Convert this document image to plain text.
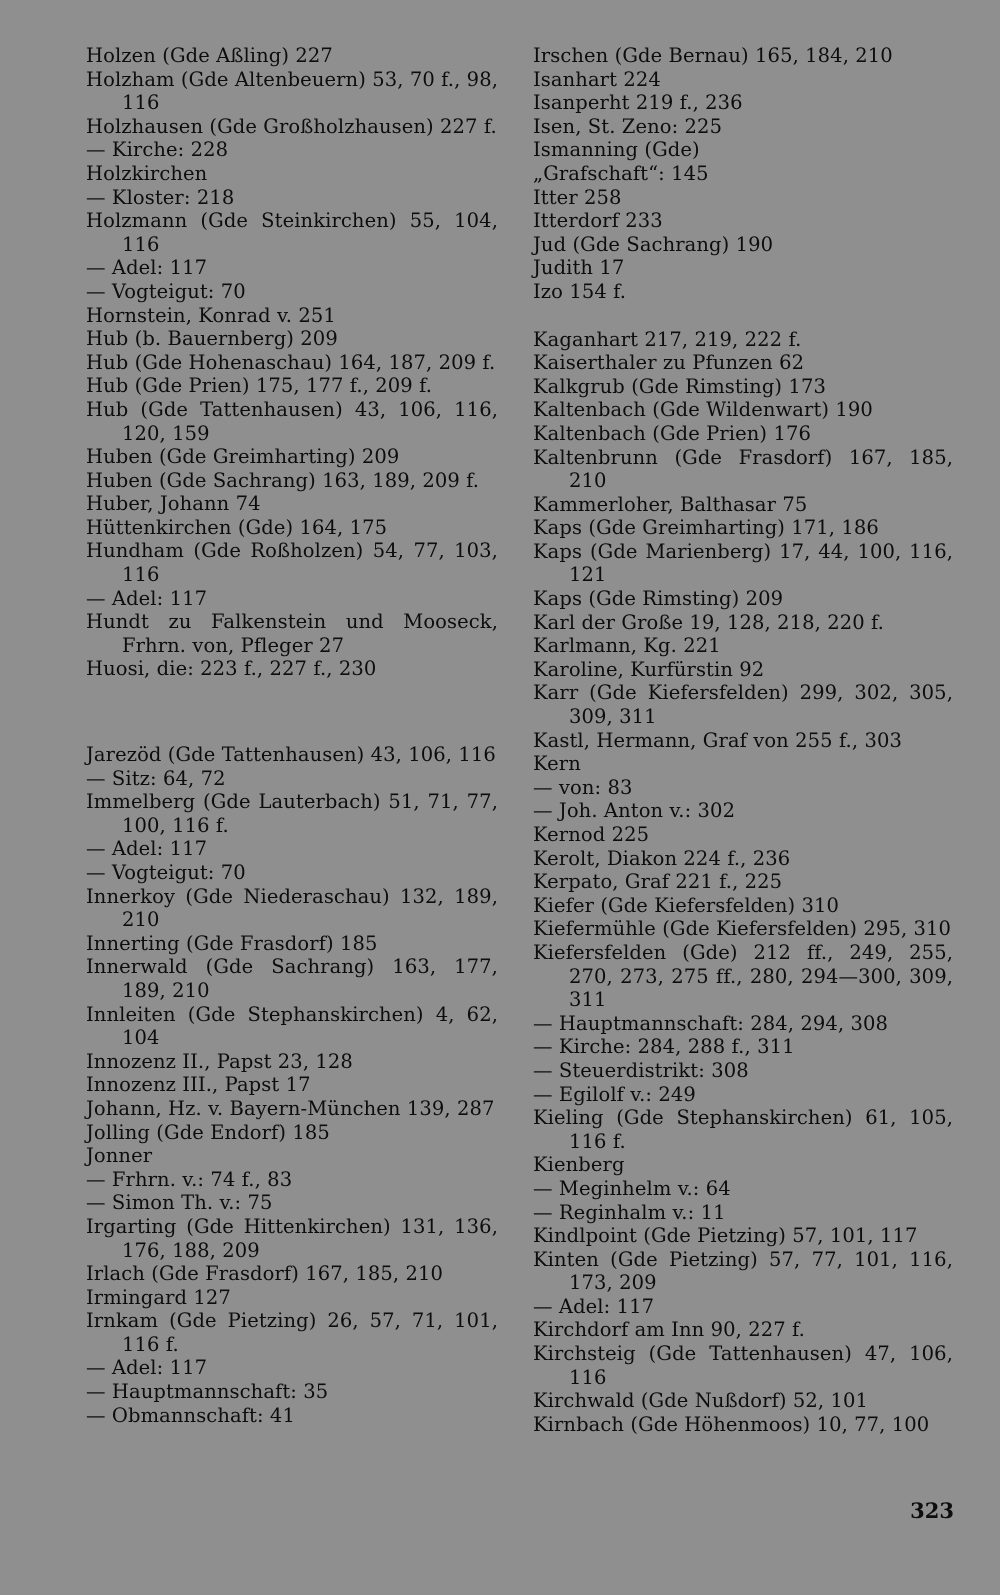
Holzen (Gde Aßling) 227
Holzham (Gde Altenbeuern) 53, 70 f., 98, 116
Holzhausen (Gde Großholzhausen) 227 f.
— Kirche: 228
Holzkirchen
— Kloster: 218
Holzmann (Gde Steinkirchen) 55, 104, 116
— Adel: 117
— Vogteigut: 70
Hornstein, Konrad v. 251
Hub (b. Bauernberg) 209
Hub (Gde Hohenaschau) 164, 187, 209 f.
Hub (Gde Prien) 175, 177 f., 209 f.
Hub (Gde Tattenhausen) 43, 106, 116, 120, 159
Huben (Gde Greimharting) 209
Huben (Gde Sachrang) 163, 189, 209 f.
Huber, Johann 74
Hüttenkirchen (Gde) 164, 175
Hundham (Gde Roßholzen) 54, 77, 103, 116
— Adel: 117
Hundt zu Falkenstein und Mooseck, Frhrn. von, Pfleger 27
Huosi, die: 223 f., 227 f., 230
Jarezöd (Gde Tattenhausen) 43, 106, 116
— Sitz: 64, 72
Immelberg (Gde Lauterbach) 51, 71, 77, 100, 116 f.
— Adel: 117
— Vogteigut: 70
Innerkoy (Gde Niederaschau) 132, 189, 210
Innerting (Gde Frasdorf) 185
Innerwald (Gde Sachrang) 163, 177, 189, 210
Innleiten (Gde Stephanskirchen) 4, 62, 104
Innozenz II., Papst 23, 128
Innozenz III., Papst 17
Johann, Hz. v. Bayern-München 139, 287
Jolling (Gde Endorf) 185
Jonner
— Frhrn. v.: 74 f., 83
— Simon Th. v.: 75
Irgarting (Gde Hittenkirchen) 131, 136, 176, 188, 209
Irlach (Gde Frasdorf) 167, 185, 210
Irmingard 127
Irnkam (Gde Pietzing) 26, 57, 71, 101, 116 f.
— Adel: 117
— Hauptmannschaft: 35
— Obmannschaft: 41
Irschen (Gde Bernau) 165, 184, 210
Isanhart 224
Isanperht 219 f., 236
Isen, St. Zeno: 225
Ismanning (Gde)
„Grafschaft“: 145
Itter 258
Itterdorf 233
Jud (Gde Sachrang) 190
Judith 17
Izo 154 f.
Kaganhart 217, 219, 222 f.
Kaiserthaler zu Pfunzen 62
Kalkgrub (Gde Rimsting) 173
Kaltenbach (Gde Wildenwart) 190
Kaltenbach (Gde Prien) 176
Kaltenbrunn (Gde Frasdorf) 167, 185, 210
Kammerloher, Balthasar 75
Kaps (Gde Greimharting) 171, 186
Kaps (Gde Marienberg) 17, 44, 100, 116, 121
Kaps (Gde Rimsting) 209
Karl der Große 19, 128, 218, 220 f.
Karlmann, Kg. 221
Karoline, Kurfürstin 92
Karr (Gde Kiefersfelden) 299, 302, 305, 309, 311
Kastl, Hermann, Graf von 255 f., 303
Kern
— von: 83
— Joh. Anton v.: 302
Kernod 225
Kerolt, Diakon 224 f., 236
Kerpato, Graf 221 f., 225
Kiefer (Gde Kiefersfelden) 310
Kiefermühle (Gde Kiefersfelden) 295, 310
Kiefersfelden (Gde) 212 ff., 249, 255, 270, 273, 275 ff., 280, 294—300, 309, 311
— Hauptmannschaft: 284, 294, 308
— Kirche: 284, 288 f., 311
— Steuerdistrikt: 308
— Egilolf v.: 249
Kieling (Gde Stephanskirchen) 61, 105, 116 f.
Kienberg
— Meginhelm v.: 64
— Reginhalm v.: 11
Kindlpoint (Gde Pietzing) 57, 101, 117
Kinten (Gde Pietzing) 57, 77, 101, 116, 173, 209
— Adel: 117
Kirchdorf am Inn 90, 227 f.
Kirchsteig (Gde Tattenhausen) 47, 106, 116
Kirchwald (Gde Nußdorf) 52, 101
Kirnbach (Gde Höhenmoos) 10, 77, 100
323
